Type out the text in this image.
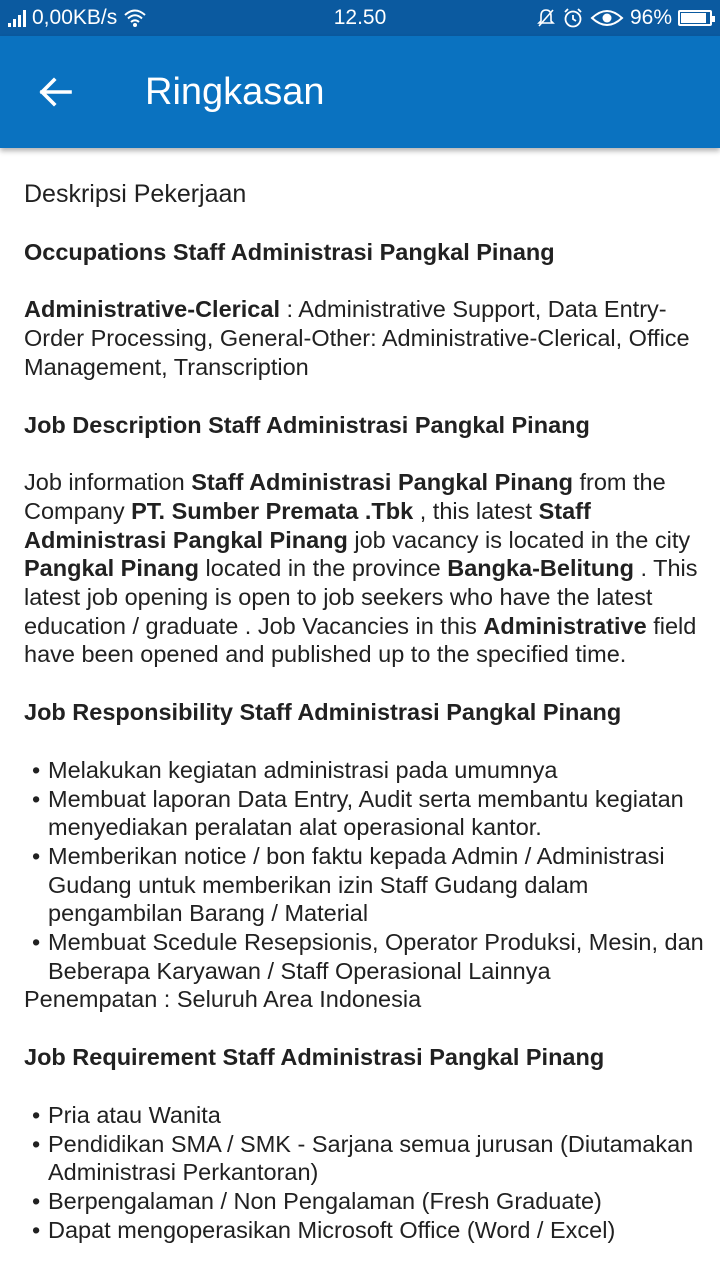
0,00KB/s	12.50	96%
Ringkasan
Deskripsi Pekerjaan
Occupations Staff Administrasi Pangkal Pinang
Administrative-Clerical : Administrative Support, Data Entry-Order Processing, General-Other: Administrative-Clerical, Office Management, Transcription
Job Description Staff Administrasi Pangkal Pinang
Job information Staff Administrasi Pangkal Pinang from the Company PT. Sumber Premata .Tbk , this latest Staff Administrasi Pangkal Pinang job vacancy is located in the city Pangkal Pinang located in the province Bangka-Belitung . This latest job opening is open to job seekers who have the latest education / graduate . Job Vacancies in this Administrative field have been opened and published up to the specified time.
Job Responsibility Staff Administrasi Pangkal Pinang
• Melakukan kegiatan administrasi pada umumnya
• Membuat laporan Data Entry, Audit serta membantu kegiatan menyediakan peralatan alat operasional kantor.
• Memberikan notice / bon faktu kepada Admin / Administrasi Gudang untuk memberikan izin Staff Gudang dalam pengambilan Barang / Material
• Membuat Scedule Resepsionis, Operator Produksi, Mesin, dan Beberapa Karyawan / Staff Operasional Lainnya
Penempatan : Seluruh Area Indonesia
Job Requirement Staff Administrasi Pangkal Pinang
• Pria atau Wanita
• Pendidikan SMA / SMK - Sarjana semua jurusan (Diutamakan Administrasi Perkantoran)
• Berpengalaman / Non Pengalaman (Fresh Graduate)
• Dapat mengoperasikan Microsoft Office (Word / Excel)
